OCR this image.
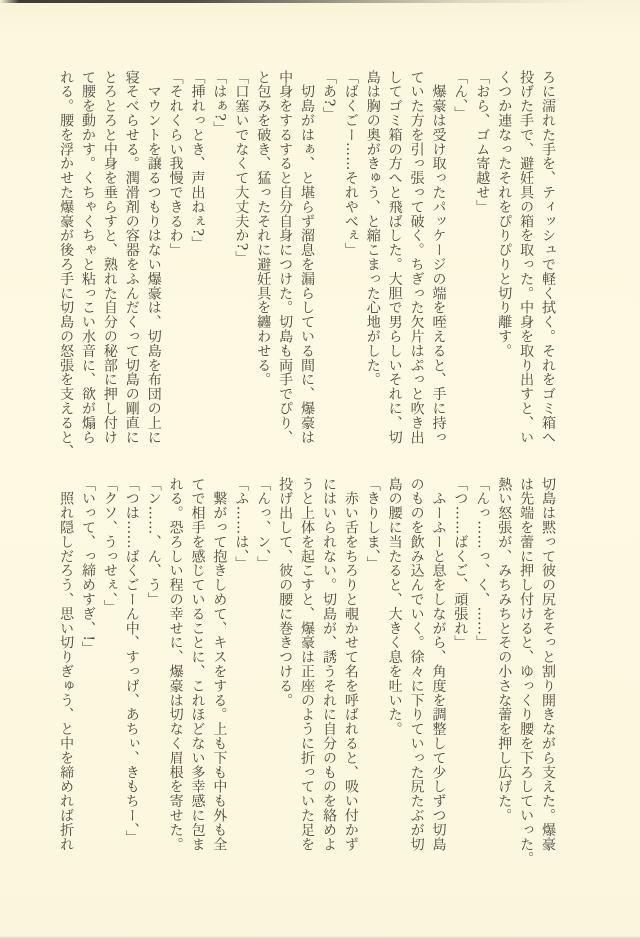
ろに濡れた手を、ティッシュで軽く拭く。それをゴミ箱へ

投げた手で、避妊具の箱を取った。中身を取り出すと、い

くつか連なったそれをぴりぴりと切り離す。

「おら、ゴム寄越せ」

「ん、」

　爆豪は受け取ったパッケージの端を咥えると、手に持っ

ていた方を引っ張って破く。ちぎった欠片はぷっと吹き出

してゴミ箱の方へと飛ばした。大胆で男らしいそれに、切

島は胸の奥がきゅう、と縮こまった心地がした。

「ばくごー……それやべぇ」

「あ?」

　切島がはぁ、と堪らず溜息を漏らしている間に、爆豪は

中身をするすると自分自身につけた。切島も両手でぴり、

と包みを破き、猛ったそれに避妊具を纏わせる。

「口塞いでなくて大丈夫か?」

「はぁ?」

「挿れっとき、声出ねぇ?」

「それくらい我慢できるわ」

　マウントを譲るつもりはない爆豪は、切島を布団の上に

寝そべらせる。潤滑剤の容器をふんだくって切島の剛直に

とろとろと中身を垂らすと、熟れた自分の秘部に押し付け

て腰を動かす。くちゃくちゃと粘っこい水音に、欲が煽ら

れる。腰を浮かせた爆豪が後ろ手に切島の怒張を支えると、

切島は黙って彼の尻をそっと割り開きながら支えた。爆豪

は先端を蕾に押し付けると、ゆっくり腰を下ろしていった。

熱い怒張が、みちみちとその小さな蕾を押し広げた。

「んっ……っ、く、……」

「つ……ばくご、頑張れ」

　ふーふーと息をしながら、角度を調整して少しずつ切島

のものを飲み込んでいく。徐々に下りていった尻たぶが切

島の腰に当たると、大きく息を吐いた。

「きりしま、」

　赤い舌をちろりと覗かせて名を呼ばれると、吸い付かず

にはいられない。切島が、誘うそれに自分のものを絡めよ

うと上体を起こすと、爆豪は正座のように折っていた足を

投げ出して、彼の腰に巻きつける。

「んっ、ン、」

「ふ……は、」

　繋がって抱きしめて、キスをする。上も下も中も外も全

てで相手を感じていることに、これほどない多幸感に包ま

れる。恐ろしい程の幸せに、爆豪は切なく眉根を寄せた。

「ン……、ん、う」

「つは……ばくごーん中、すっげ、あちぃ、きもちー、」

「クソ、うっせぇ、」

「いって、っ締めすぎ、!」

　照れ隠しだろう、思い切りぎゅう、と中を締めれば折れ
